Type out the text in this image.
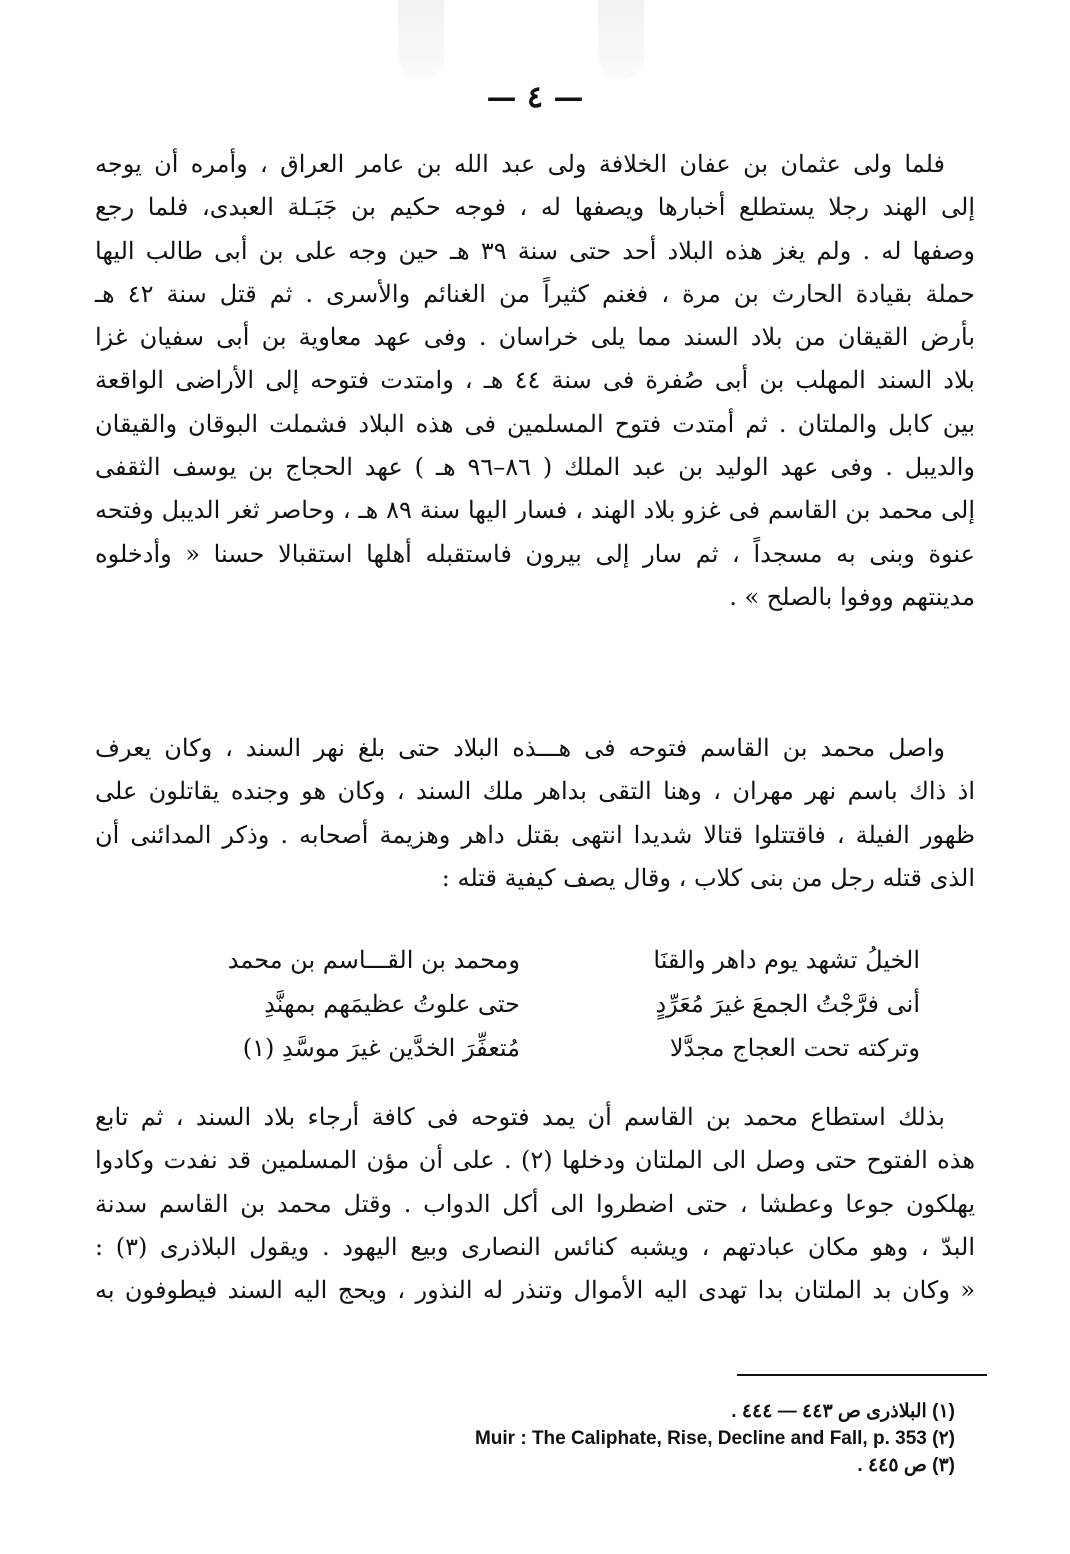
— ٤ —
فلما ولى عثمان بن عفان الخلافة ولى عبد الله بن عامر العراق ، وأمره أن يوجه
إلى الهند رجلا يستطلع أخبارها ويصفها له ، فوجه حكيم بن جَبَـلة العبدى، فلما رجع
وصفها له . ولم يغز هذه البلاد أحد حتى سنة ٣٩ هـ حين وجه على بن أبى طالب اليها
حملة بقيادة الحارث بن مرة ، فغنم كثيراً من الغنائم والأسرى . ثم قتل سنة ٤٢ هـ
بأرض القيقان من بلاد السند مما يلى خراسان . وفى عهد معاوية بن أبى سفيان غزا
بلاد السند المهلب بن أبى صُفرة فى سنة ٤٤ هـ ، وامتدت فتوحه إلى الأراضى الواقعة
بين كابل والملتان . ثم أمتدت فتوح المسلمين فى هذه البلاد فشملت البوقان والقيقان
والديبل . وفى عهد الوليد بن عبد الملك ( ٨٦–٩٦ هـ ) عهد الحجاج بن يوسف الثقفى
إلى محمد بن القاسم فى غزو بلاد الهند ، فسار اليها سنة ٨٩ هـ ، وحاصر ثغر الديبل وفتحه
عنوة وبنى به مسجداً ، ثم سار إلى بيرون فاستقبله أهلها استقبالا حسنا « وأدخلوه
مدينتهم ووفوا بالصلح » .
واصل محمد بن القاسم فتوحه فى هـــذه البلاد حتى بلغ نهر السند ، وكان يعرف
اذ ذاك باسم نهر مهران ، وهنا التقى بداهر ملك السند ، وكان هو وجنده يقاتلون على
ظهور الفيلة ، فاقتتلوا قتالا شديدا انتهى بقتل داهر وهزيمة أصحابه . وذكر المدائنى أن
الذى قتله رجل من بنى كلاب ، وقال يصف كيفية قتله :
الخيلُ تشهد يوم داهر والقنَا
ومحمد بن القـــاسم بن محمد
أنى فرَّجْتُ الجمعَ غيرَ مُعَرِّدٍ
حتى علوتُ عظيمَهم بمهنَّدِ
وتركته تحت العجاج مجدَّلا
مُتعفِّرَ الخدَّين غيرَ موسَّدِ (١)
بذلك استطاع محمد بن القاسم أن يمد فتوحه فى كافة أرجاء بلاد السند ، ثم تابع
هذه الفتوح حتى وصل الى الملتان ودخلها (٢) . على أن مؤن المسلمين قد نفدت وكادوا
يهلكون جوعا وعطشا ، حتى اضطروا الى أكل الدواب . وقتل محمد بن القاسم سدنة
البدّ ، وهو مكان عبادتهم ، ويشبه كنائس النصارى وبيع اليهود . ويقول البلاذرى (٣) :
« وكان بد الملتان بدا تهدى اليه الأموال وتنذر له النذور ، ويحج اليه السند فيطوفون به
(١) البلاذرى ص ٤٤٣ — ٤٤٤ .
(٢) Muir : The Caliphate, Rise, Decline and Fall, p. 353
(٣) ص ٤٤٥ .
